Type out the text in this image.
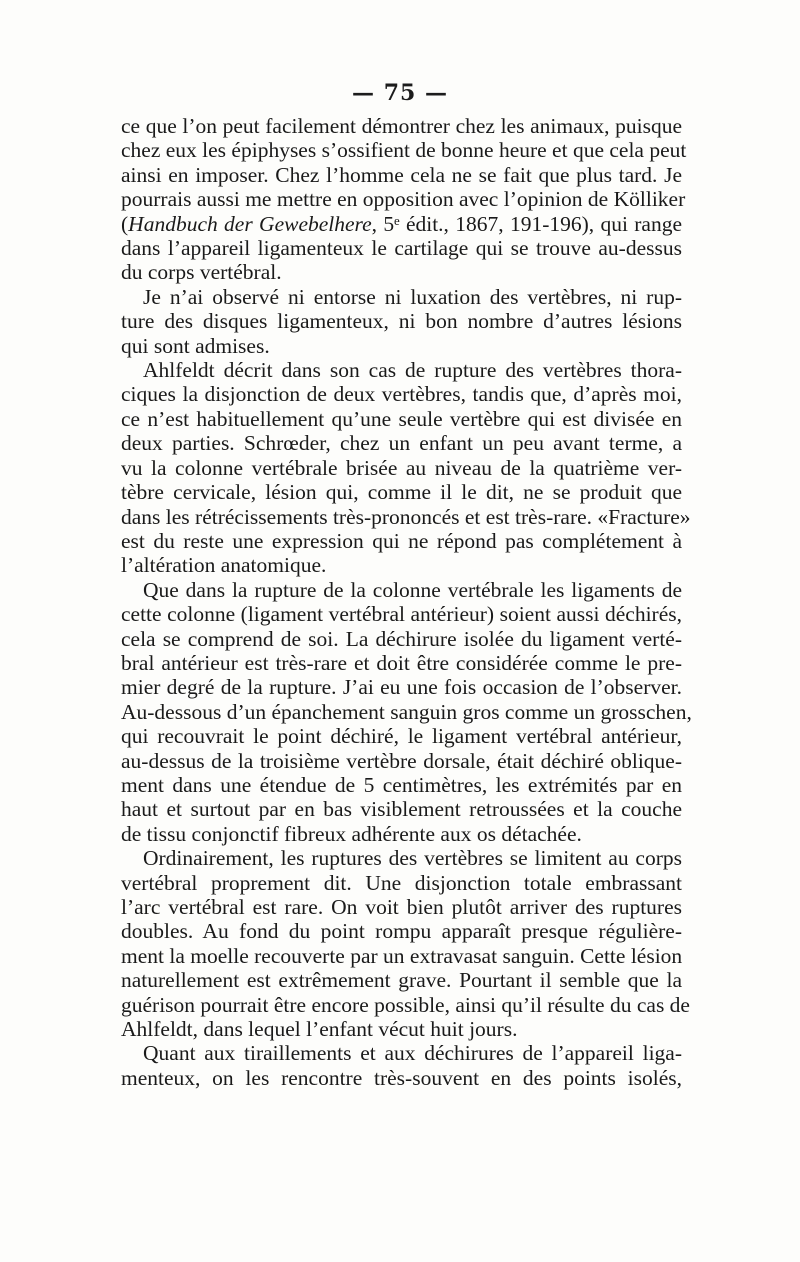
— 75 —
ce que l’on peut facilement démontrer chez les animaux, puisque
chez eux les épiphyses s’ossifient de bonne heure et que cela peut
ainsi en imposer. Chez l’homme cela ne se fait que plus tard. Je
pourrais aussi me mettre en opposition avec l’opinion de Kölliker
(Handbuch der Gewebelhere, 5ᵉ édit., 1867, 191-196), qui range
dans l’appareil ligamenteux le cartilage qui se trouve au-dessus
du corps vertébral.
Je n’ai observé ni entorse ni luxation des vertèbres, ni rup-
ture des disques ligamenteux, ni bon nombre d’autres lésions
qui sont admises.
Ahlfeldt décrit dans son cas de rupture des vertèbres thora-
ciques la disjonction de deux vertèbres, tandis que, d’après moi,
ce n’est habituellement qu’une seule vertèbre qui est divisée en
deux parties. Schrœder, chez un enfant un peu avant terme, a
vu la colonne vertébrale brisée au niveau de la quatrième ver-
tèbre cervicale, lésion qui, comme il le dit, ne se produit que
dans les rétrécissements très-prononcés et est très-rare. «Fracture»
est du reste une expression qui ne répond pas complétement à
l’altération anatomique.
Que dans la rupture de la colonne vertébrale les ligaments de
cette colonne (ligament vertébral antérieur) soient aussi déchirés,
cela se comprend de soi. La déchirure isolée du ligament verté-
bral antérieur est très-rare et doit être considérée comme le pre-
mier degré de la rupture. J’ai eu une fois occasion de l’observer.
Au-dessous d’un épanchement sanguin gros comme un grosschen,
qui recouvrait le point déchiré, le ligament vertébral antérieur,
au-dessus de la troisième vertèbre dorsale, était déchiré oblique-
ment dans une étendue de 5 centimètres, les extrémités par en
haut et surtout par en bas visiblement retroussées et la couche
de tissu conjonctif fibreux adhérente aux os détachée.
Ordinairement, les ruptures des vertèbres se limitent au corps
vertébral proprement dit. Une disjonction totale embrassant
l’arc vertébral est rare. On voit bien plutôt arriver des ruptures
doubles. Au fond du point rompu apparaît presque régulière-
ment la moelle recouverte par un extravasat sanguin. Cette lésion
naturellement est extrêmement grave. Pourtant il semble que la
guérison pourrait être encore possible, ainsi qu’il résulte du cas de
Ahlfeldt, dans lequel l’enfant vécut huit jours.
Quant aux tiraillements et aux déchirures de l’appareil liga-
menteux, on les rencontre très-souvent en des points isolés,
